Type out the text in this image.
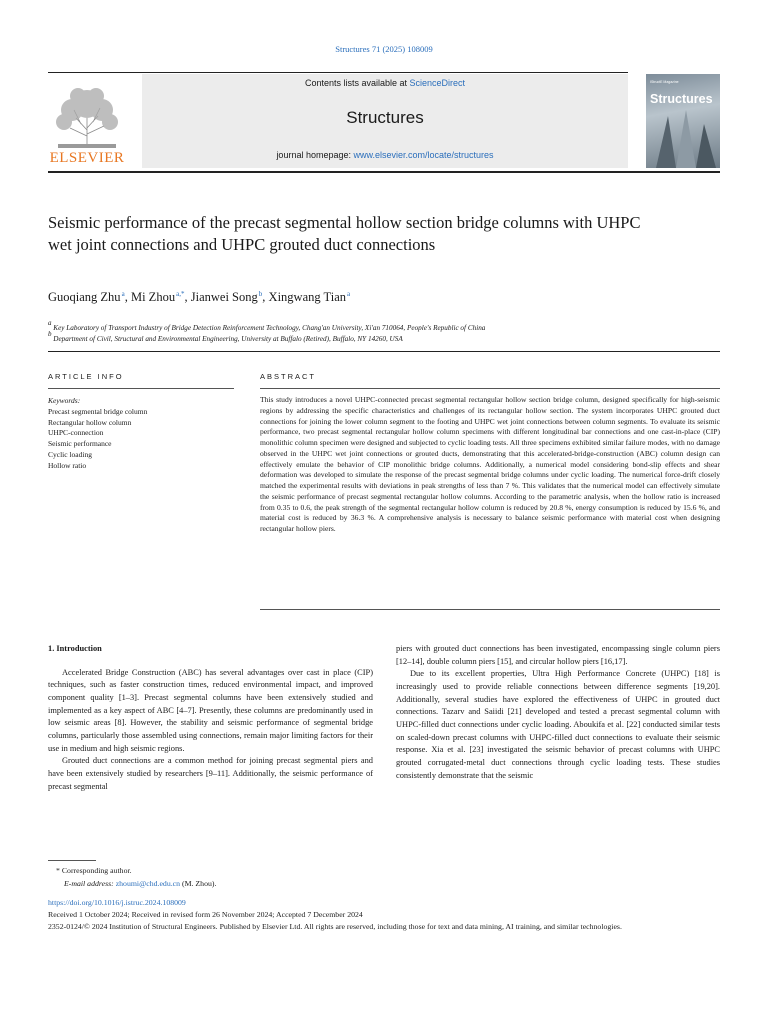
Structures 71 (2025) 108009
ELSEVIER
Contents lists available at ScienceDirect
Structures
journal homepage: www.elsevier.com/locate/structures
IStructE Magazine
Structures
Seismic performance of the precast segmental hollow section bridge columns with UHPC wet joint connections and UHPC grouted duct connections
Guoqiang Zhu $^a$, Mi Zhou $^{a,*}$, Jianwei Song $^b$, Xingwang Tian $^a$
$^a$ Key Laboratory of Transport Industry of Bridge Detection Reinforcement Technology, Chang'an University, Xi'an 710064, People's Republic of China
$^b$ Department of Civil, Structural and Environmental Engineering, University at Buffalo (Retired), Buffalo, NY 14260, USA
ARTICLE INFO
Keywords:
Precast segmental bridge column
Rectangular hollow column
UHPC-connection
Seismic performance
Cyclic loading
Hollow ratio
ABSTRACT
This study introduces a novel UHPC-connected precast segmental rectangular hollow section bridge column, designed specifically for high-seismic regions by addressing the specific characteristics and challenges of its rectangular hollow section. The system incorporates UHPC grouted duct connections for joining the lower column segment to the footing and UHPC wet joint connections between column segments. To evaluate its seismic performance, two precast segmental rectangular hollow column specimens with different longitudinal bar connections and one cast-in-place (CIP) monolithic column specimen were designed and subjected to cyclic loading tests. All three specimens exhibited similar failure modes, with no damage observed in the UHPC wet joint connections or grouted ducts, demonstrating that this accelerated-bridge-construction (ABC) column design can effectively emulate the behavior of CIP monolithic bridge columns. Additionally, a numerical model considering bond-slip effects and shear deformation was developed to simulate the response of the precast segmental bridge columns under cyclic loading. The numerical force-drift closely matched the experimental results with deviations in peak strengths of less than 7 %. This validates that the numerical model can effectively simulate the seismic performance of precast segmental rectangular hollow columns. According to the parametric analysis, when the hollow ratio is increased from 0.35 to 0.6, the peak strength of the segmental rectangular hollow column is reduced by 20.8 %, energy consumption is reduced by 15.6 %, and material cost is reduced by 36.3 %. A comprehensive analysis is necessary to balance seismic performance with material cost when designing rectangular hollow piers.

1. Introduction

Accelerated Bridge Construction (ABC) has several advantages over cast in place (CIP) techniques, such as faster construction times, reduced environmental impact, and improved component quality [1–3]. Precast segmental columns have been extensively studied and implemented as a key aspect of ABC [4–7]. Presently, these columns are predominantly used in low seismic areas [8]. However, the stability and seismic performance of segmental bridge columns, particularly those assembled using connections, remain major limiting factors for their use in medium and high seismic regions.

Grouted duct connections are a common method for joining precast segmental piers and have been extensively studied by researchers [9–11]. Additionally, the seismic performance of precast segmental

piers with grouted duct connections has been investigated, encompassing single column piers [12–14], double column piers [15], and circular hollow piers [16,17].

Due to its excellent properties, Ultra High Performance Concrete (UHPC) [18] is increasingly used to provide reliable connections between difference segments [19,20]. Additionally, several studies have explored the effectiveness of UHPC in grouted duct connections. Tazarv and Saiidi [21] developed and tested a precast segmental column with UHPC-filled duct connections under cyclic loading. Aboukifa et al. [22] conducted similar tests on scaled-down precast columns with UHPC-filled duct connections to evaluate their seismic response. Xia et al. [23] investigated the seismic behavior of precast columns with UHPC grouted corrugated-metal duct connections through cyclic loading tests. These studies consistently demonstrate that the seismic

* Corresponding author.
E-mail address: zhoumi@chd.edu.cn (M. Zhou).
https://doi.org/10.1016/j.istruc.2024.108009
Received 1 October 2024; Received in revised form 26 November 2024; Accepted 7 December 2024
2352-0124/© 2024 Institution of Structural Engineers. Published by Elsevier Ltd. All rights are reserved, including those for text and data mining, AI training, and similar technologies.
